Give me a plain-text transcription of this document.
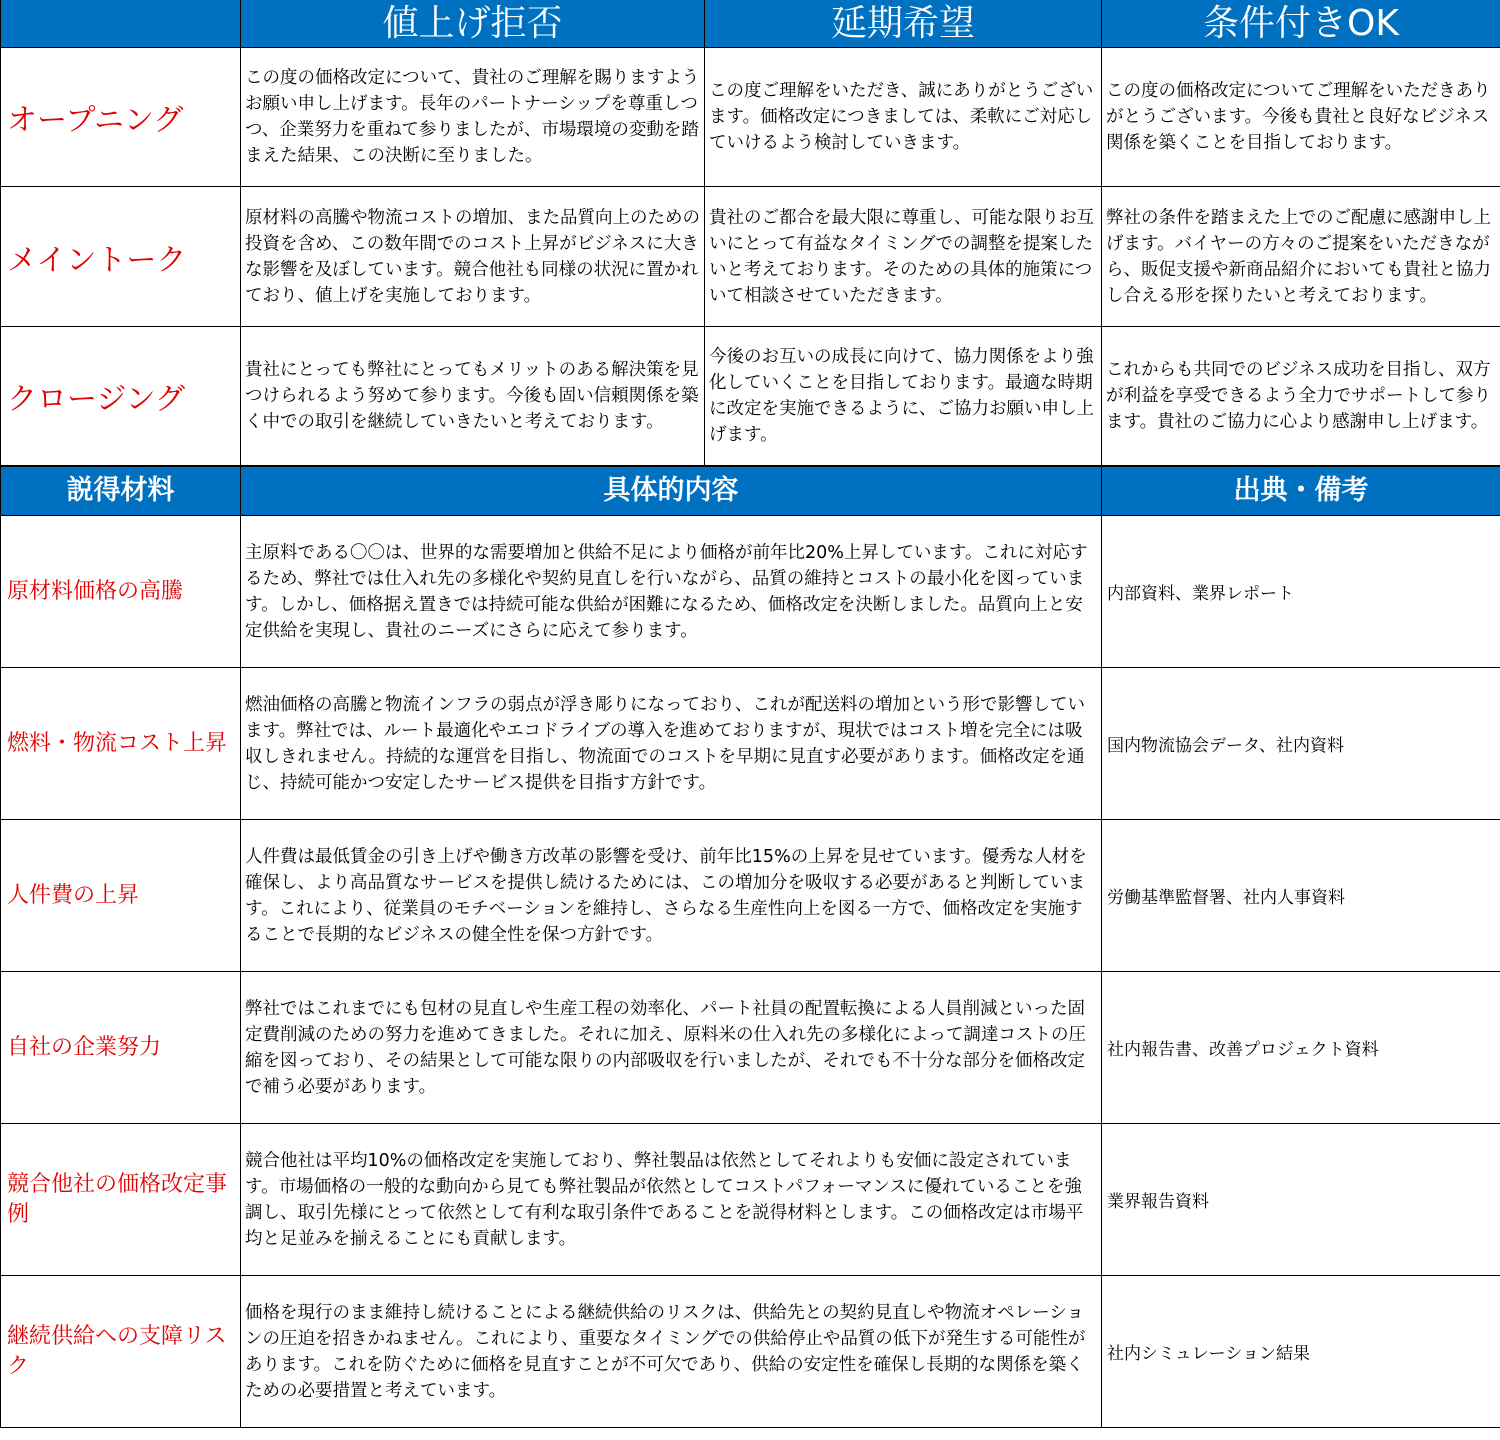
	値上げ拒否	延期希望	条件付きOK
オープニング	この度の価格改定について、貴社のご理解を賜りますようお願い申し上げます。長年のパートナーシップを尊重しつつ、企業努力を重ねて参りましたが、市場環境の変動を踏まえた結果、この決断に至りました。	この度ご理解をいただき、誠にありがとうございます。価格改定につきましては、柔軟にご対応していけるよう検討していきます。	この度の価格改定についてご理解をいただきありがとうございます。今後も貴社と良好なビジネス関係を築くことを目指しております。
メイントーク	原材料の高騰や物流コストの増加、また品質向上のための投資を含め、この数年間でのコスト上昇がビジネスに大きな影響を及ぼしています。競合他社も同様の状況に置かれており、値上げを実施しております。	貴社のご都合を最大限に尊重し、可能な限りお互いにとって有益なタイミングでの調整を提案したいと考えております。そのための具体的施策について相談させていただきます。	弊社の条件を踏まえた上でのご配慮に感謝申し上げます。バイヤーの方々のご提案をいただきながら、販促支援や新商品紹介においても貴社と協力し合える形を探りたいと考えております。
クロージング	貴社にとっても弊社にとってもメリットのある解決策を見つけられるよう努めて参ります。今後も固い信頼関係を築く中での取引を継続していきたいと考えております。	今後のお互いの成長に向けて、協力関係をより強化していくことを目指しております。最適な時期に改定を実施できるように、ご協力お願い申し上げます。	これからも共同でのビジネス成功を目指し、双方が利益を享受できるよう全力でサポートして参ります。貴社のご協力に心より感謝申し上げます。
説得材料	具体的内容	出典・備考
原材料価格の高騰	主原料である〇〇は、世界的な需要増加と供給不足により価格が前年比20%上昇しています。これに対応するため、弊社では仕入れ先の多様化や契約見直しを行いながら、品質の維持とコストの最小化を図っています。しかし、価格据え置きでは持続可能な供給が困難になるため、価格改定を決断しました。品質向上と安定供給を実現し、貴社のニーズにさらに応えて参ります。	内部資料、業界レポート
燃料・物流コスト上昇	燃油価格の高騰と物流インフラの弱点が浮き彫りになっており、これが配送料の増加という形で影響しています。弊社では、ルート最適化やエコドライブの導入を進めておりますが、現状ではコスト増を完全には吸収しきれません。持続的な運営を目指し、物流面でのコストを早期に見直す必要があります。価格改定を通じ、持続可能かつ安定したサービス提供を目指す方針です。	国内物流協会データ、社内資料
人件費の上昇	人件費は最低賃金の引き上げや働き方改革の影響を受け、前年比15%の上昇を見せています。優秀な人材を確保し、より高品質なサービスを提供し続けるためには、この増加分を吸収する必要があると判断しています。これにより、従業員のモチベーションを維持し、さらなる生産性向上を図る一方で、価格改定を実施することで長期的なビジネスの健全性を保つ方針です。	労働基準監督署、社内人事資料
自社の企業努力	弊社ではこれまでにも包材の見直しや生産工程の効率化、パート社員の配置転換による人員削減といった固定費削減のための努力を進めてきました。それに加え、原料米の仕入れ先の多様化によって調達コストの圧縮を図っており、その結果として可能な限りの内部吸収を行いましたが、それでも不十分な部分を価格改定で補う必要があります。	社内報告書、改善プロジェクト資料
競合他社の価格改定事例	競合他社は平均10%の価格改定を実施しており、弊社製品は依然としてそれよりも安価に設定されています。市場価格の一般的な動向から見ても弊社製品が依然としてコストパフォーマンスに優れていることを強調し、取引先様にとって依然として有利な取引条件であることを説得材料とします。この価格改定は市場平均と足並みを揃えることにも貢献します。	業界報告資料
継続供給への支障リスク	価格を現行のまま維持し続けることによる継続供給のリスクは、供給先との契約見直しや物流オペレーションの圧迫を招きかねません。これにより、重要なタイミングでの供給停止や品質の低下が発生する可能性があります。これを防ぐために価格を見直すことが不可欠であり、供給の安定性を確保し長期的な関係を築くための必要措置と考えています。	社内シミュレーション結果
